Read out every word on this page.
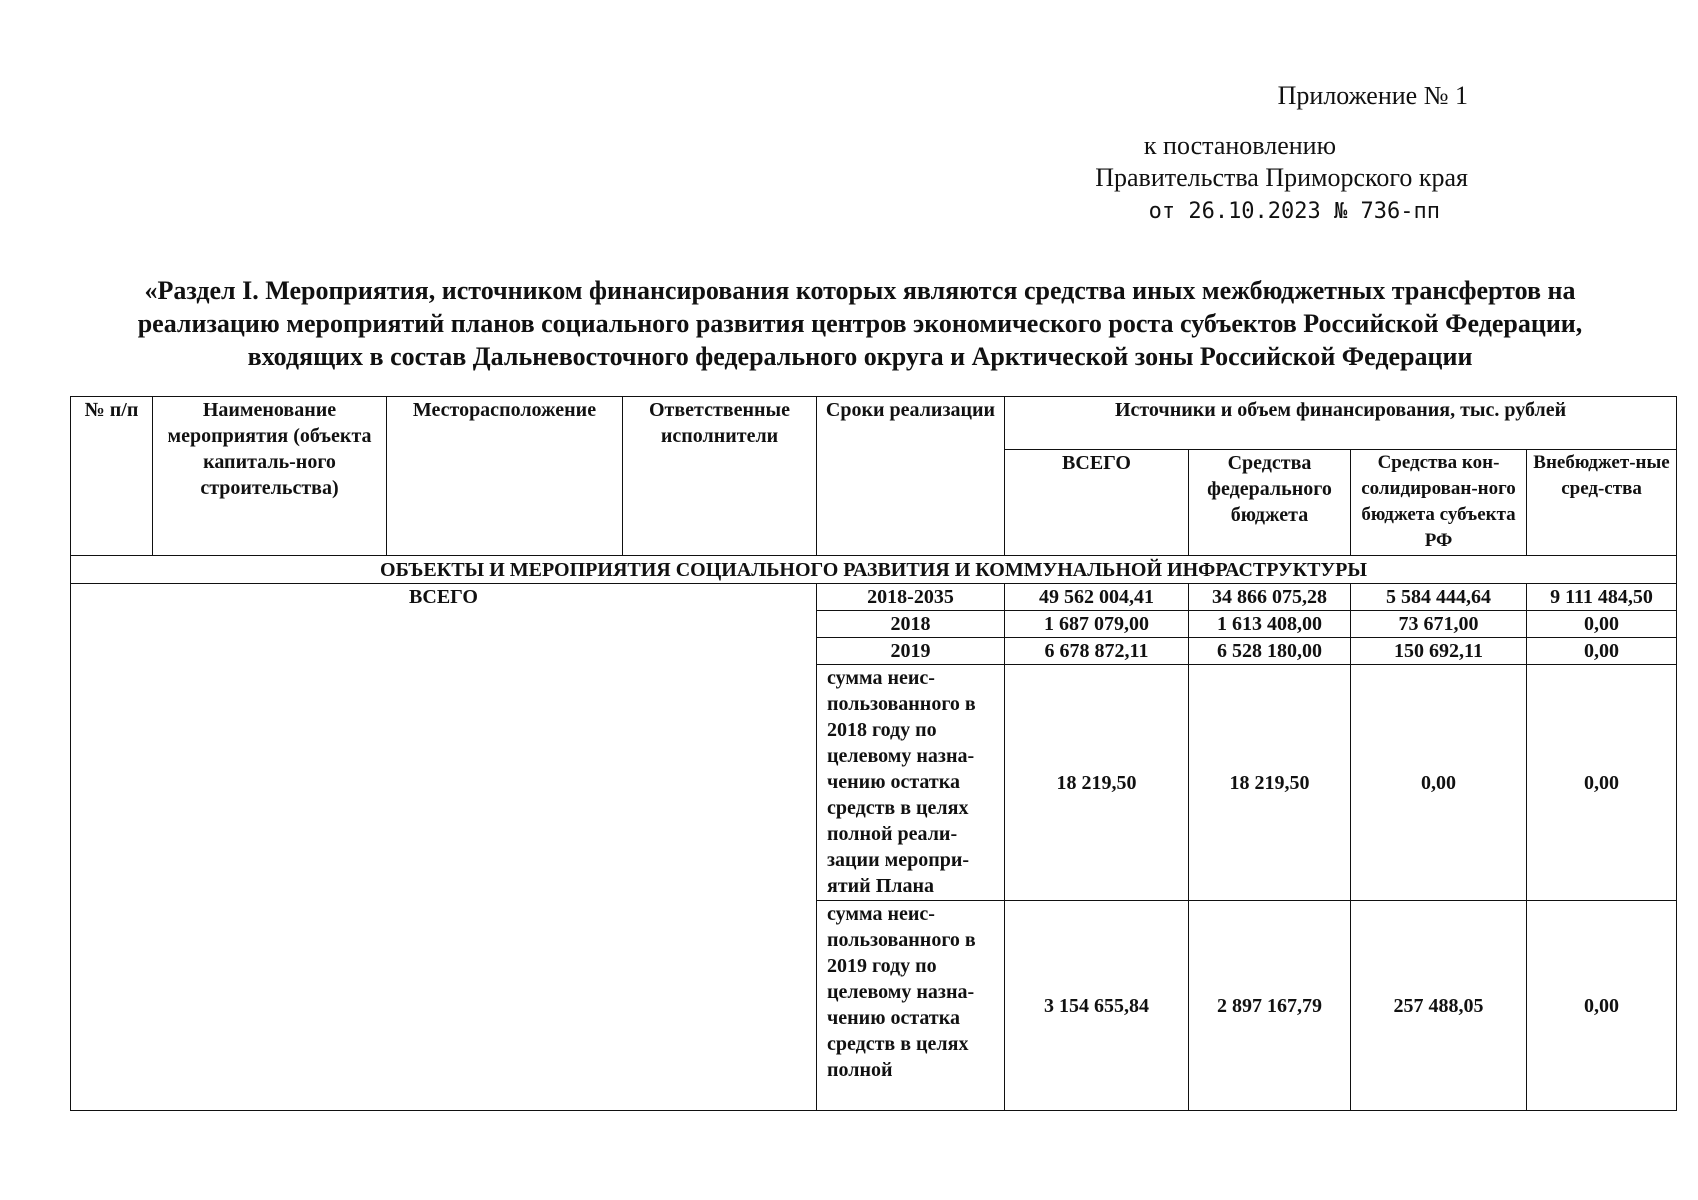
Приложение № 1
к постановлению
Правительства Приморского края
от 26.10.2023 № 736-пп
«Раздел I. Мероприятия, источником финансирования которых являются средства иных межбюджетных трансфертов на
реализацию мероприятий планов социального развития центров экономического роста субъектов Российской Федерации,
входящих в состав Дальневосточного федерального округа и Арктической зоны Российской Федерации
№ п/п	Наименование мероприятия (объекта капиталь-ного строительства)	Месторасположение	Ответственные исполнители	Сроки реализации	Источники и объем финансирования, тыс. рублей			
					ВСЕГО	Средства федерального бюджета	Средства кон-солидирован-ного бюджета субъекта РФ	Внебюджет-ные сред-ства
ОБЪЕКТЫ И МЕРОПРИЯТИЯ СОЦИАЛЬНОГО РАЗВИТИЯ И КОММУНАЛЬНОЙ ИНФРАСТРУКТУРЫ								
ВСЕГО				2018-2035	49 562 004,41	34 866 075,28	5 584 444,64	9 111 484,50
				2018	1 687 079,00	1 613 408,00	73 671,00	0,00
				2019	6 678 872,11	6 528 180,00	150 692,11	0,00
				сумма неис-пользованного в 2018 году по целевому назна-чению остатка средств в целях полной реали-зации меропри-ятий Плана	18 219,50	18 219,50	0,00	0,00
				сумма неис-пользованного в 2019 году по целевому назна-чению остатка средств в целях полной	3 154 655,84	2 897 167,79	257 488,05	0,00
